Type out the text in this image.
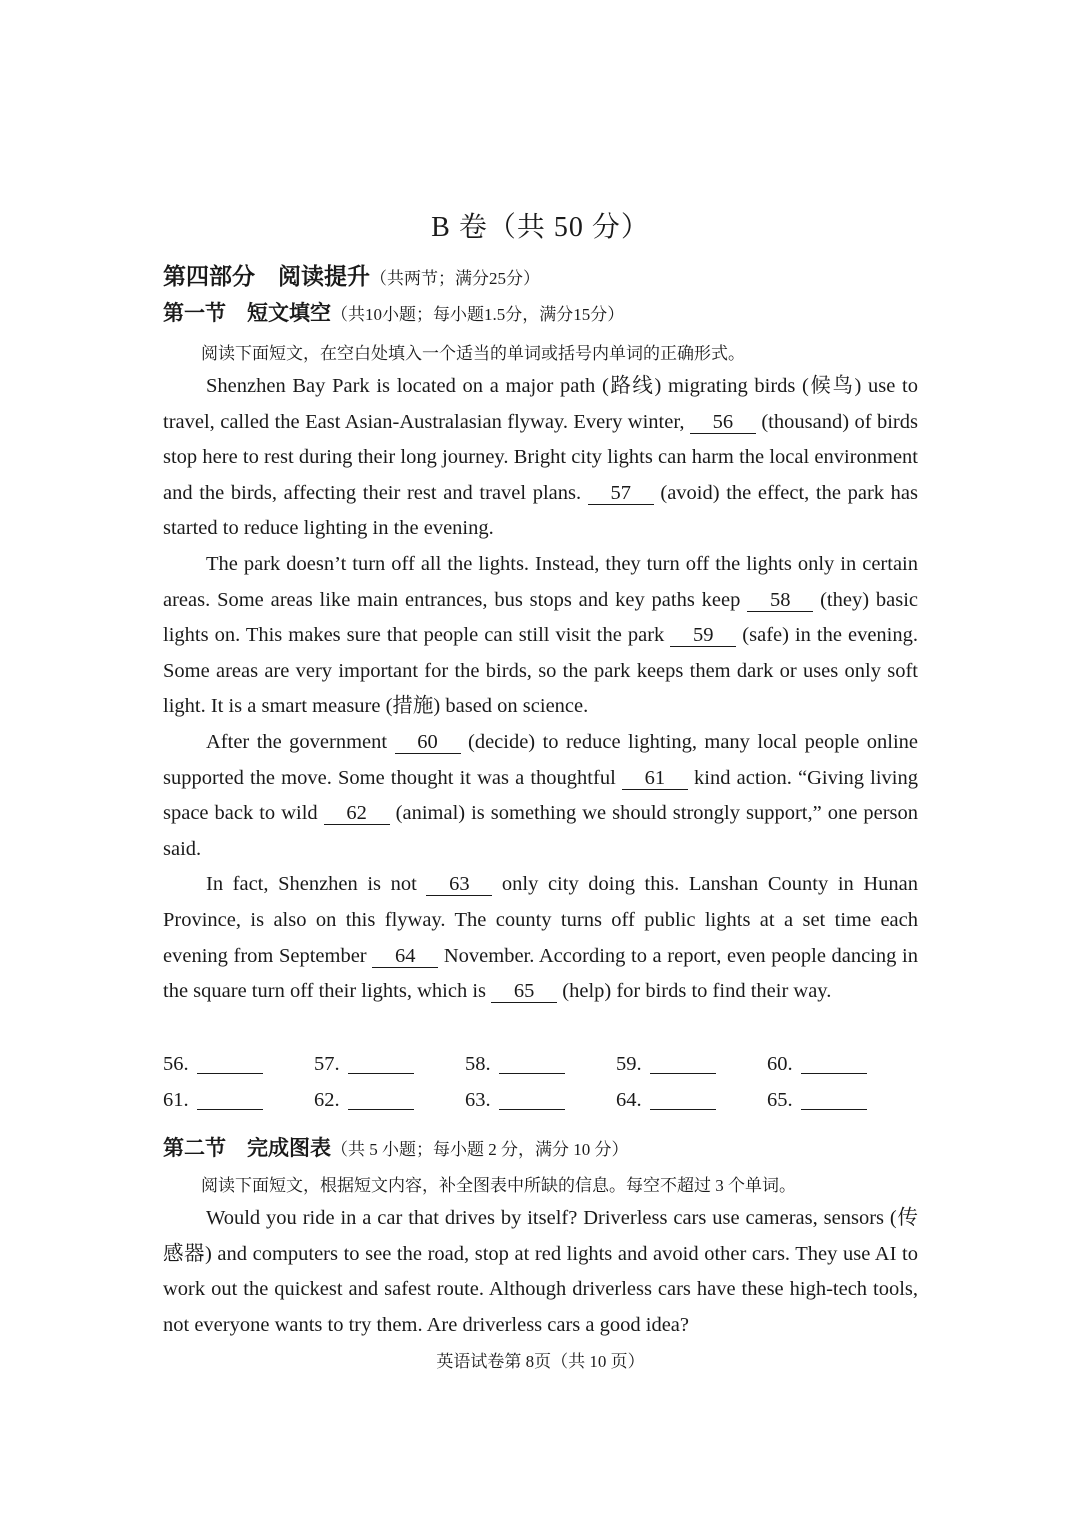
B 卷（共 50 分）
第四部分　阅读提升（共两节；满分25分）
第一节　短文填空（共10小题；每小题1.5分，满分15分）
阅读下面短文，在空白处填入一个适当的单词或括号内单词的正确形式。

Shenzhen Bay Park is located on a major path (路线) migrating birds (候鸟) use to travel, called the East Asian-Australasian flyway. Every winter, 56 (thousand) of birds stop here to rest during their long journey. Bright city lights can harm the local environment and the birds, affecting their rest and travel plans. 57 (avoid) the effect, the park has started to reduce lighting in the evening.

The park doesn’t turn off all the lights. Instead, they turn off the lights only in certain areas. Some areas like main entrances, bus stops and key paths keep 58 (they) basic lights on. This makes sure that people can still visit the park 59 (safe) in the evening. Some areas are very important for the birds, so the park keeps them dark or uses only soft light. It is a smart measure (措施) based on science.

After the government 60 (decide) to reduce lighting, many local people online supported the move. Some thought it was a thoughtful 61 kind action. “Giving living space back to wild 62 (animal) is something we should strongly support,” one person said.

In fact, Shenzhen is not 63 only city doing this. Lanshan County in Hunan Province, is also on this flyway. The county turns off public lights at a set time each evening from September 64 November. According to a report, even people dancing in the square turn off their lights, which is 65 (help) for birds to find their way.

56.	57.	58.	59.	60.
61.	62.	63.	64.	65.
第二节　完成图表（共 5 小题；每小题 2 分，满分 10 分）
阅读下面短文，根据短文内容，补全图表中所缺的信息。每空不超过 3 个单词。

Would you ride in a car that drives by itself? Driverless cars use cameras, sensors (传感器) and computers to see the road, stop at red lights and avoid other cars. They use AI to work out the quickest and safest route. Although driverless cars have these high-tech tools, not everyone wants to try them. Are driverless cars a good idea?

英语试卷第 8页（共 10 页）
